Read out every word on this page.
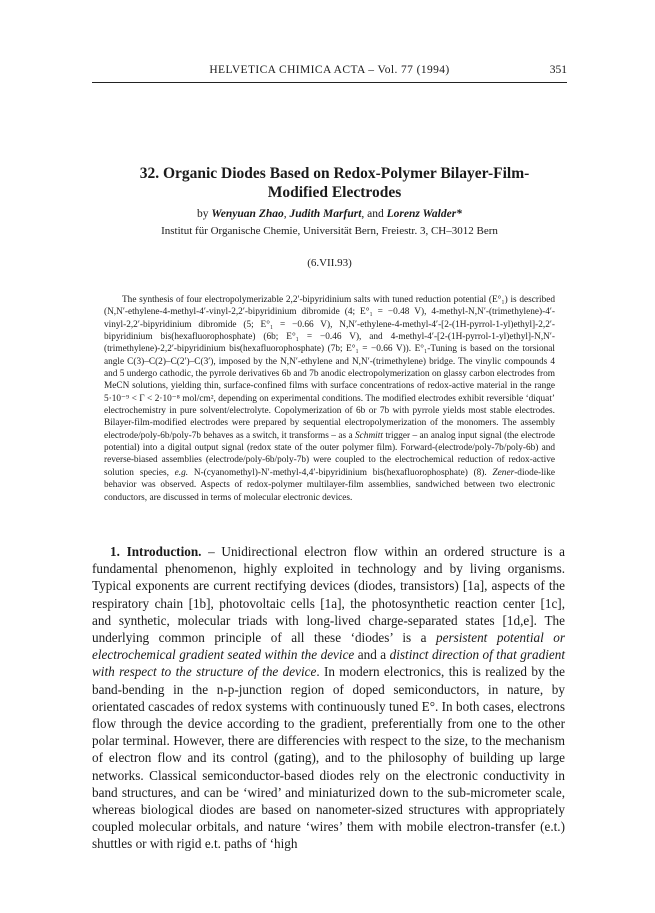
HELVETICA CHIMICA ACTA – Vol. 77 (1994)	351
32. Organic Diodes Based on Redox-Polymer Bilayer-Film-Modified Electrodes
by Wenyuan Zhao, Judith Marfurt, and Lorenz Walder*
Institut für Organische Chemie, Universität Bern, Freiestr. 3, CH–3012 Bern
(6.VII.93)
The synthesis of four electropolymerizable 2,2′-bipyridinium salts with tuned reduction potential (E°₁) is described (N,N′-ethylene-4-methyl-4′-vinyl-2,2′-bipyridinium dibromide (4; E°₁ = −0.48 V), 4-methyl-N,N′-(trimethylene)-4′-vinyl-2,2′-bipyridinium dibromide (5; E°₁ = −0.66 V), N,N′-ethylene-4-methyl-4′-[2-(1H-pyrrol-1-yl)ethyl]-2,2′-bipyridinium bis(hexafluorophosphate) (6b; E°₁ = −0.46 V), and 4-methyl-4′-[2-(1H-pyrrol-1-yl)ethyl]-N,N′-(trimethylene)-2,2′-bipyridinium bis(hexafluorophosphate) (7b; E°₁ = −0.66 V)). E°₁-Tuning is based on the torsional angle C(3)–C(2)–C(2′)–C(3′), imposed by the N,N′-ethylene and N,N′-(trimethylene) bridge. The vinylic compounds 4 and 5 undergo cathodic, the pyrrole derivatives 6b and 7b anodic electropolymerization on glassy carbon electrodes from MeCN solutions, yielding thin, surface-confined films with surface concentrations of redox-active material in the range 5·10⁻⁹ < Γ < 2·10⁻⁸ mol/cm², depending on experimental conditions. The modified electrodes exhibit reversible ‘diquat’ electrochemistry in pure solvent/electrolyte. Copolymerization of 6b or 7b with pyrrole yields most stable electrodes. Bilayer-film-modified electrodes were prepared by sequential electropolymerization of the monomers. The assembly electrode/poly-6b/poly-7b behaves as a switch, it transforms – as a Schmitt trigger – an analog input signal (the electrode potential) into a digital output signal (redox state of the outer polymer film). Forward-(electrode/poly-7b/poly-6b) and reverse-biased assemblies (electrode/poly-6b/poly-7b) were coupled to the electrochemical reduction of redox-active solution species, e.g. N-(cyanomethyl)-N′-methyl-4,4′-bipyridinium bis(hexafluorophosphate) (8). Zener-diode-like behavior was observed. Aspects of redox-polymer multilayer-film assemblies, sandwiched between two electronic conductors, are discussed in terms of molecular electronic devices.
1. Introduction. – Unidirectional electron flow within an ordered structure is a fundamental phenomenon, highly exploited in technology and by living organisms. Typical exponents are current rectifying devices (diodes, transistors) [1a], aspects of the respiratory chain [1b], photovoltaic cells [1a], the photosynthetic reaction center [1c], and synthetic, molecular triads with long-lived charge-separated states [1d,e]. The underlying common principle of all these ‘diodes’ is a persistent potential or electrochemical gradient seated within the device and a distinct direction of that gradient with respect to the structure of the device. In modern electronics, this is realized by the band-bending in the n-p-junction region of doped semiconductors, in nature, by orientated cascades of redox systems with continuously tuned E°. In both cases, electrons flow through the device according to the gradient, preferentially from one to the other polar terminal. However, there are differencies with respect to the size, to the mechanism of electron flow and its control (gating), and to the philosophy of building up large networks. Classical semiconductor-based diodes rely on the electronic conductivity in band structures, and can be ‘wired’ and miniaturized down to the sub-micrometer scale, whereas biological diodes are based on nanometer-sized structures with appropriately coupled molecular orbitals, and nature ‘wires’ them with mobile electron-transfer (e.t.) shuttles or with rigid e.t. paths of ‘high
